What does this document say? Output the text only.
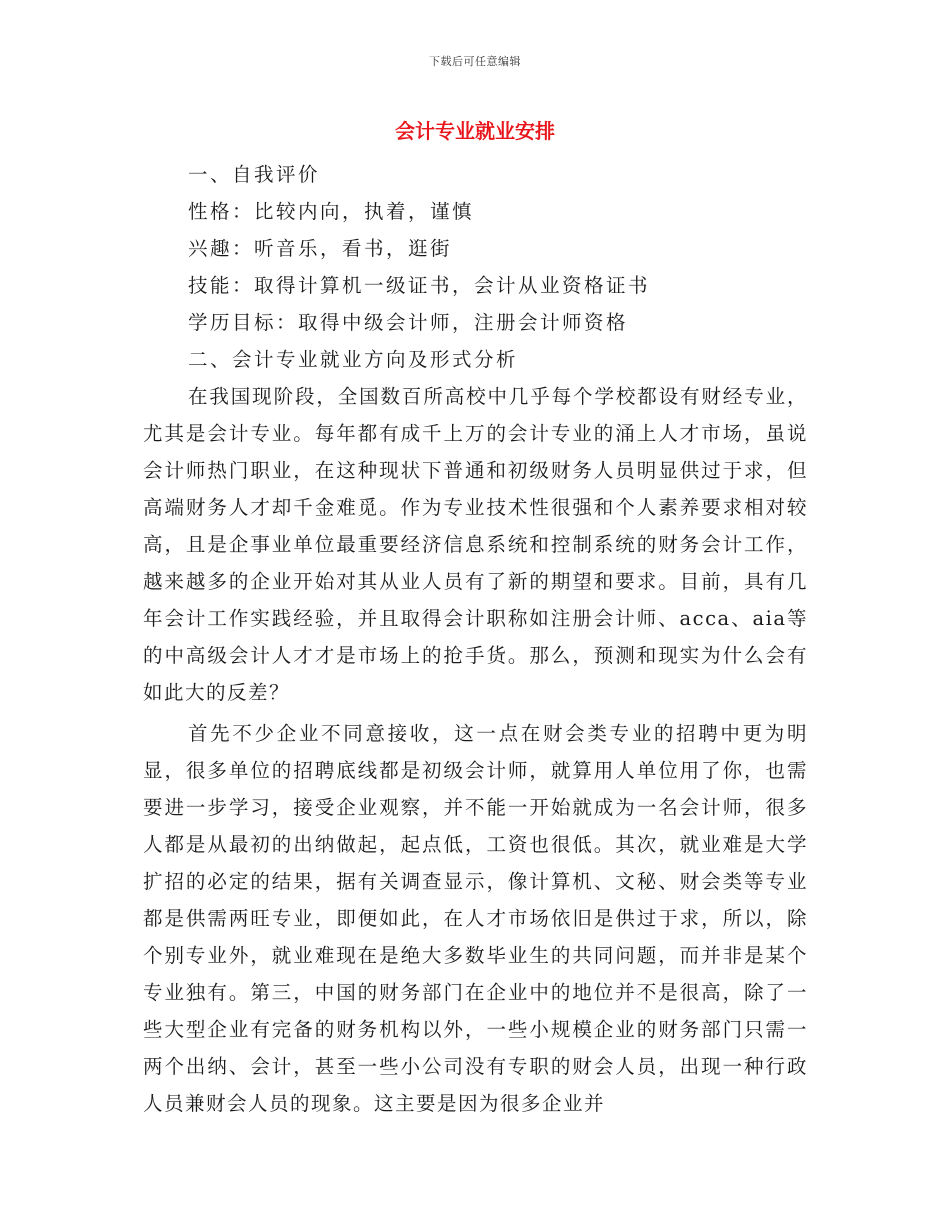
下载后可任意编辑
会计专业就业安排

一、自我评价

性格：比较内向，执着，谨慎

兴趣：听音乐，看书，逛街

技能：取得计算机一级证书，会计从业资格证书

学历目标：取得中级会计师，注册会计师资格

二、会计专业就业方向及形式分析

在我国现阶段，全国数百所高校中几乎每个学校都设有财经专业，尤其是会计专业。每年都有成千上万的会计专业的涌上人才市场，虽说会计师热门职业，在这种现状下普通和初级财务人员明显供过于求，但高端财务人才却千金难觅。作为专业技术性很强和个人素养要求相对较高，且是企事业单位最重要经济信息系统和控制系统的财务会计工作，越来越多的企业开始对其从业人员有了新的期望和要求。目前，具有几年会计工作实践经验，并且取得会计职称如注册会计师、acca、aia等的中高级会计人才才是市场上的抢手货。那么，预测和现实为什么会有如此大的反差？

首先不少企业不同意接收，这一点在财会类专业的招聘中更为明显，很多单位的招聘底线都是初级会计师，就算用人单位用了你，也需要进一步学习，接受企业观察，并不能一开始就成为一名会计师，很多人都是从最初的出纳做起，起点低，工资也很低。其次，就业难是大学扩招的必定的结果，据有关调查显示，像计算机、文秘、财会类等专业都是供需两旺专业，即便如此，在人才市场依旧是供过于求，所以，除个别专业外，就业难现在是绝大多数毕业生的共同问题，而并非是某个专业独有。第三，中国的财务部门在企业中的地位并不是很高，除了一些大型企业有完备的财务机构以外，一些小规模企业的财务部门只需一两个出纳、会计，甚至一些小公司没有专职的财会人员，出现一种行政人员兼财会人员的现象。这主要是因为很多企业并
